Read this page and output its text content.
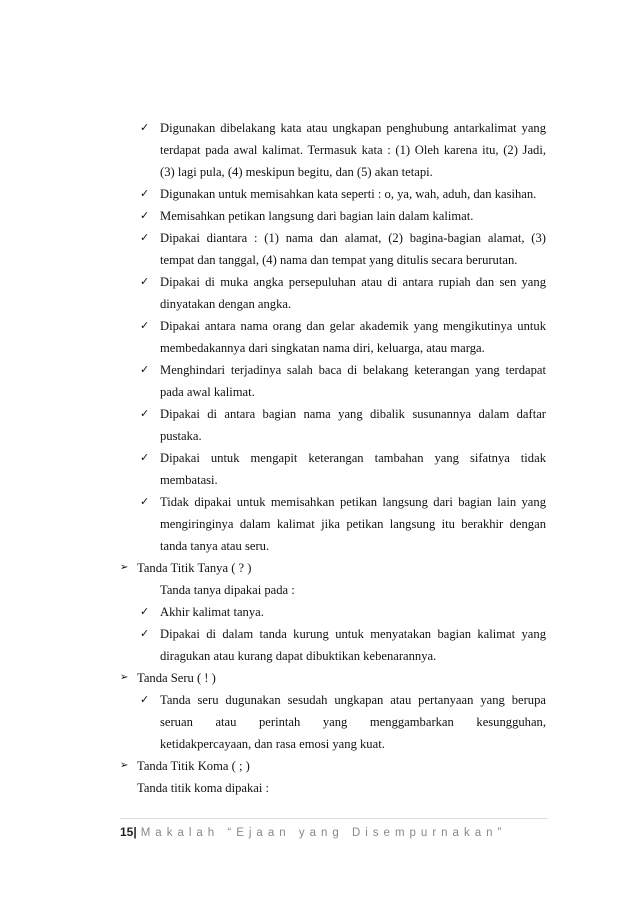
✓ Digunakan dibelakang kata atau ungkapan penghubung antarkalimat yang
terdapat pada awal kalimat. Termasuk kata : (1) Oleh karena itu, (2) Jadi,
(3) lagi pula, (4) meskipun begitu, dan (5) akan tetapi.
✓ Digunakan untuk memisahkan kata seperti : o, ya, wah, aduh, dan kasihan.
✓ Memisahkan petikan langsung dari bagian lain dalam kalimat.
✓ Dipakai diantara : (1) nama dan alamat, (2) bagina-bagian alamat, (3)
tempat dan tanggal, (4) nama dan tempat yang ditulis secara berurutan.
✓ Dipakai di muka angka persepuluhan atau di antara rupiah dan sen yang
dinyatakan dengan angka.
✓ Dipakai antara nama orang dan gelar akademik yang mengikutinya untuk
membedakannya dari singkatan nama diri, keluarga, atau marga.
✓ Menghindari terjadinya salah baca di belakang keterangan yang terdapat
pada awal kalimat.
✓ Dipakai di antara bagian nama yang dibalik susunannya dalam daftar
pustaka.
✓ Dipakai untuk mengapit keterangan tambahan yang sifatnya tidak
membatasi.
✓ Tidak dipakai untuk memisahkan petikan langsung dari bagian lain yang
mengiringinya dalam kalimat jika petikan langsung itu berakhir dengan
tanda tanya atau seru.
➢ Tanda Titik Tanya ( ? )
Tanda tanya dipakai pada :
✓ Akhir kalimat tanya.
✓ Dipakai di dalam tanda kurung untuk menyatakan bagian kalimat yang
diragukan atau kurang dapat dibuktikan kebenarannya.
➢ Tanda Seru ( ! )
✓ Tanda seru dugunakan sesudah ungkapan atau pertanyaan yang berupa
seruan atau perintah yang menggambarkan kesungguhan,
ketidakpercayaan, dan rasa emosi yang kuat.
➢ Tanda Titik Koma ( ; )
Tanda titik koma dipakai :
15| Makalah “Ejaan yang Disempurnakan”
